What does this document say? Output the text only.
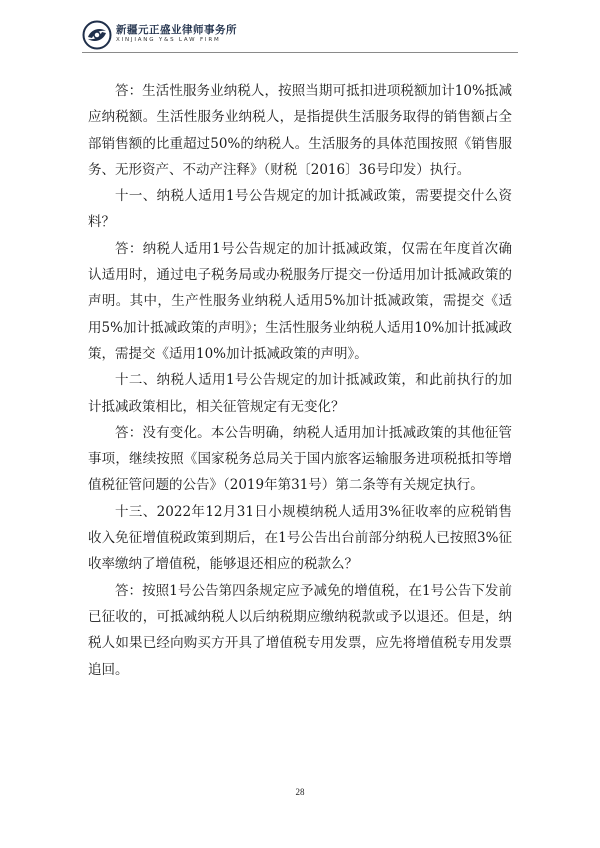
新疆元正盛业律师事务所
XINJIANG Y&S LAW FIRM

答：生活性服务业纳税人，按照当期可抵扣进项税额加计10%抵减应纳税额。生活性服务业纳税人，是指提供生活服务取得的销售额占全部销售额的比重超过50%的纳税人。生活服务的具体范围按照《销售服务、无形资产、不动产注释》（财税〔2016〕36号印发）执行。

十一、纳税人适用1号公告规定的加计抵减政策，需要提交什么资料？

答：纳税人适用1号公告规定的加计抵减政策，仅需在年度首次确认适用时，通过电子税务局或办税服务厅提交一份适用加计抵减政策的声明。其中，生产性服务业纳税人适用5%加计抵减政策，需提交《适用5%加计抵减政策的声明》；生活性服务业纳税人适用10%加计抵减政策，需提交《适用10%加计抵减政策的声明》。

十二、纳税人适用1号公告规定的加计抵减政策，和此前执行的加计抵减政策相比，相关征管规定有无变化？

答：没有变化。本公告明确，纳税人适用加计抵减政策的其他征管事项，继续按照《国家税务总局关于国内旅客运输服务进项税抵扣等增值税征管问题的公告》（2019年第31号）第二条等有关规定执行。

十三、2022年12月31日小规模纳税人适用3%征收率的应税销售收入免征增值税政策到期后，在1号公告出台前部分纳税人已按照3%征收率缴纳了增值税，能够退还相应的税款么？

答：按照1号公告第四条规定应予减免的增值税，在1号公告下发前已征收的，可抵减纳税人以后纳税期应缴纳税款或予以退还。但是，纳税人如果已经向购买方开具了增值税专用发票，应先将增值税专用发票追回。

28
